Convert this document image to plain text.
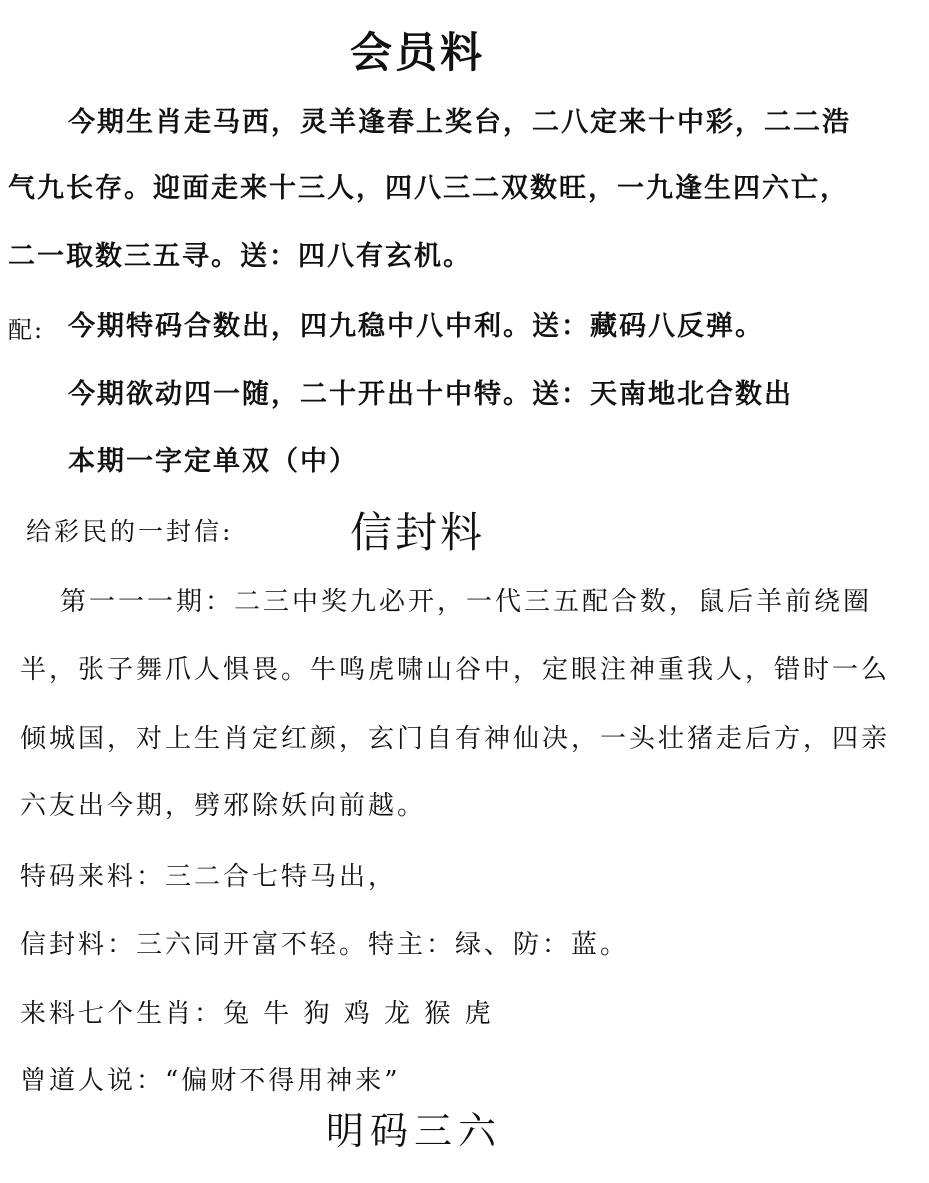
会员料
今期生肖走马西，灵羊逢春上奖台，二八定来十中彩，二二浩
气九长存。迎面走来十三人，四八三二双数旺，一九逢生四六亡，
二一取数三五寻。送：四八有玄机。
配: 今期特码合数出，四九稳中八中利。送：藏码八反弹。
今期欲动四一随，二十开出十中特。送：天南地北合数出
本期一字定单双（中）
给彩民的一封信:	信封料
第一一一期：二三中奖九必开，一代三五配合数，鼠后羊前绕圈
半，张子舞爪人惧畏。牛鸣虎啸山谷中，定眼注神重我人，错时一么
倾城国，对上生肖定红颜，玄门自有神仙决，一头壮猪走后方，四亲
六友出今期，劈邪除妖向前越。
特码来料：三二合七特马出，
信封料：三六同开富不轻。特主：绿、防：蓝。
来料七个生肖：兔 牛 狗 鸡 龙 猴 虎
曾道人说：“偏财不得用神来”
明码三六
